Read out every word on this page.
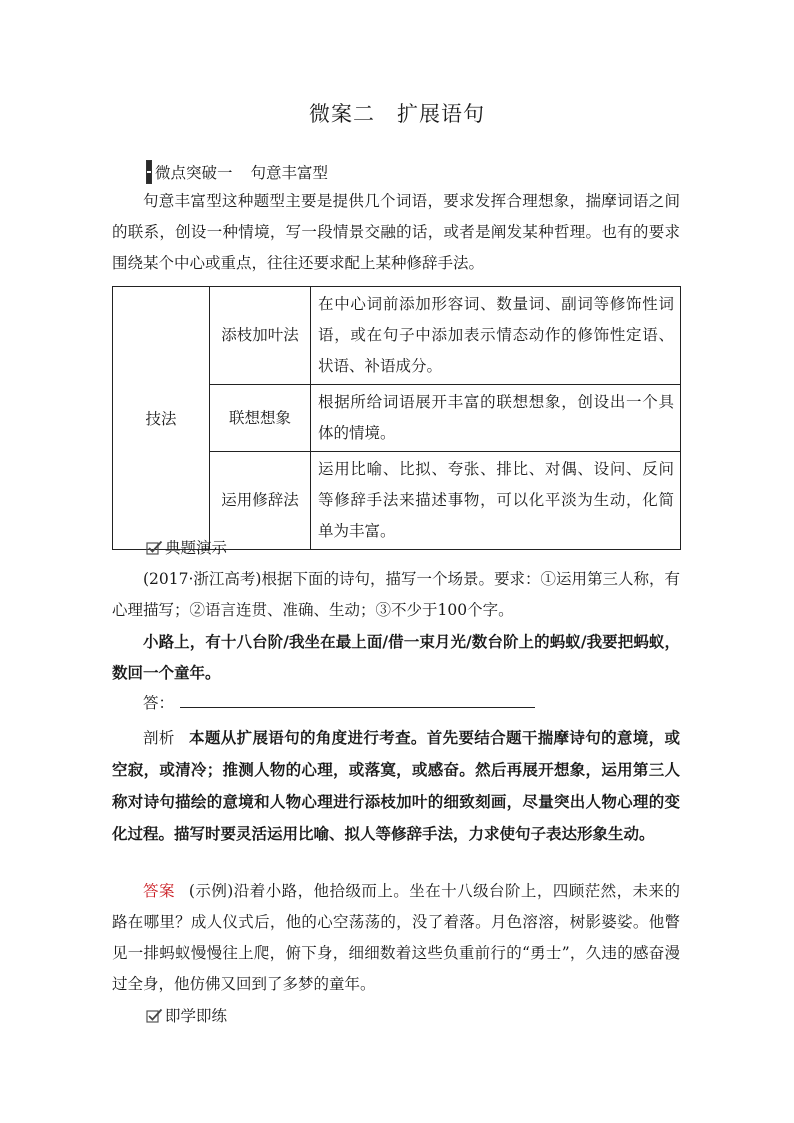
微案二 扩展语句
微点突破一 句意丰富型
句意丰富型这种题型主要是提供几个词语，要求发挥合理想象，揣摩词语之间的联系，创设一种情境，写一段情景交融的话，或者是阐发某种哲理。也有的要求围绕某个中心或重点，往往还要求配上某种修辞手法。
技法	添枝加叶法	在中心词前添加形容词、数量词、副词等修饰性词语，或在句子中添加表示情态动作的修饰性定语、状语、补语成分。
	联想想象	根据所给词语展开丰富的联想想象，创设出一个具体的情境。
	运用修辞法	运用比喻、比拟、夸张、排比、对偶、设问、反问等修辞手法来描述事物，可以化平淡为生动，化简单为丰富。
典题演示
(2017·浙江高考)根据下面的诗句，描写一个场景。要求：①运用第三人称，有心理描写；②语言连贯、准确、生动；③不少于100个字。
小路上，有十八台阶/我坐在最上面/借一束月光/数台阶上的蚂蚁/我要把蚂蚁，数回一个童年。
答：
剖析 本题从扩展语句的角度进行考查。首先要结合题干揣摩诗句的意境，或空寂，或清冷；推测人物的心理，或落寞，或感奋。然后再展开想象，运用第三人称对诗句描绘的意境和人物心理进行添枝加叶的细致刻画，尽量突出人物心理的变化过程。描写时要灵活运用比喻、拟人等修辞手法，力求使句子表达形象生动。
答案 (示例)沿着小路，他拾级而上。坐在十八级台阶上，四顾茫然，未来的路在哪里？成人仪式后，他的心空荡荡的，没了着落。月色溶溶，树影婆娑。他瞥见一排蚂蚁慢慢往上爬，俯下身，细细数着这些负重前行的“勇士”，久违的感奋漫过全身，他仿佛又回到了多梦的童年。
即学即练
